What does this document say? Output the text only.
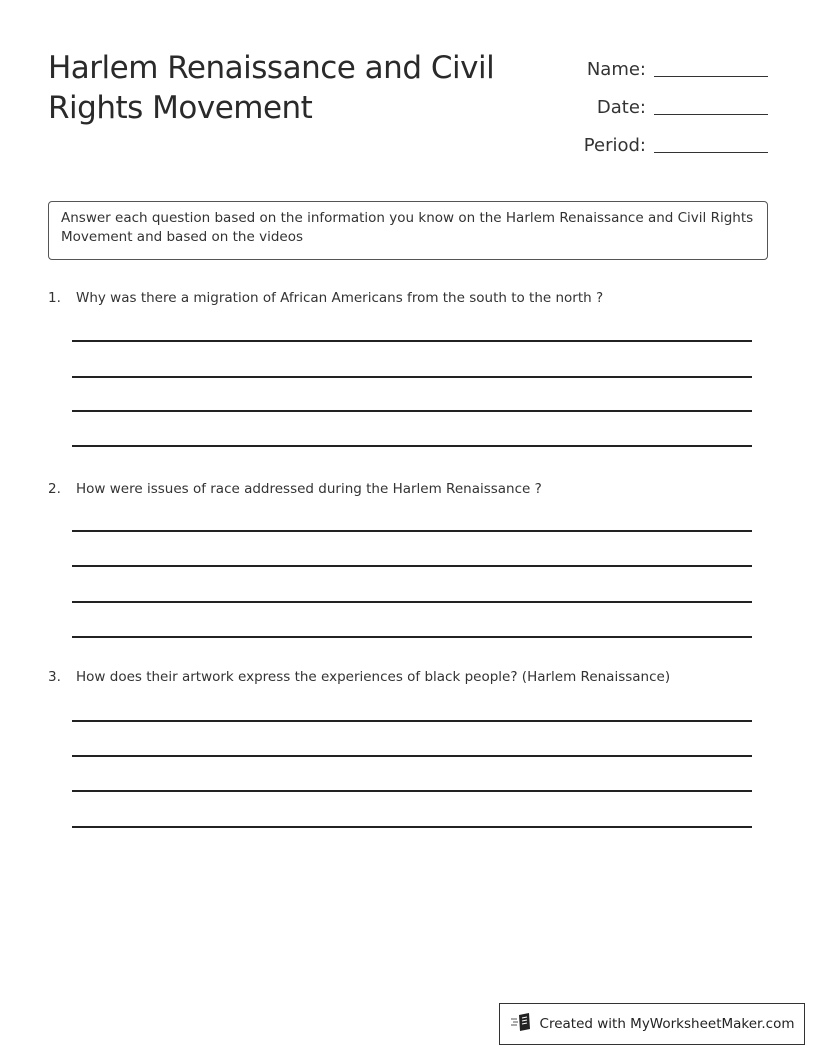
Harlem Renaissance and Civil Rights Movement
Name:
Date:
Period:
Answer each question based on the information you know on the Harlem Renaissance and Civil Rights Movement and based on the videos
1.	Why was there a migration of African Americans from the south to the north ?
2.	How were issues of race addressed during the Harlem Renaissance ?
3.	How does their artwork express the experiences of black people? (Harlem Renaissance)
Created with MyWorksheetMaker.com
